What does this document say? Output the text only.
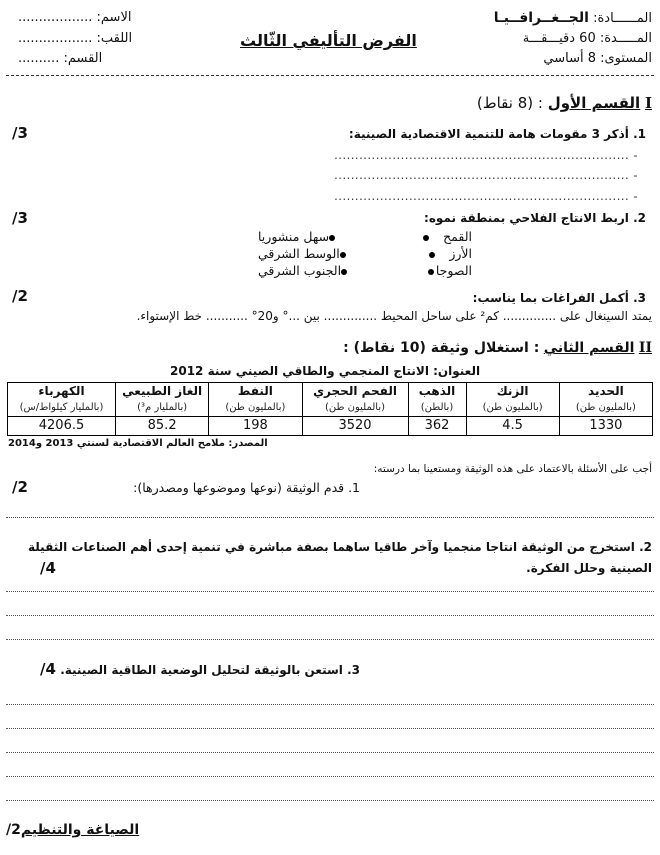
المــــــادة: الجــغــرافــيـا
المـــــدة: 60 دقيـــقـــة
المستوى: 8 أساسي
الفرض التأليفي الثّالث
الاسم: ..................
اللقب: ..................
القسم: ..........
I القسم الأول : (8 نقاط)
1. أذكر 3 مقومات هامة للتنمية الاقتصادية الصينية:
/3
- .......................................................................
- .......................................................................
- .......................................................................
2. اربط الانتاج الفلاحي بمنطقة نموه:
/3
القمح
الأرز
الصوجا
سهل منشوريا
الوسط الشرقي
الجنوب الشرقي
3. أكمل الفراغات بما يناسب:
/2
يمتد السينغال على .............. كم² على ساحل المحيط .............. بين ...° و20° ........... خط الإستواء.
II القسم الثاني : استغلال وثيقة (10 نقاط) :
العنوان: الانتاج المنجمي والطاقي الصيني سنة 2012
الحديد	الزنك	الذهب	الفحم الحجري	النفط	الغاز الطبيعي	الكهرباء
(بالمليون طن)	(بالمليون طن)	(بالطن)	(بالمليون طن)	(بالمليون طن)	(بالمليار م³)	(بالمليار كيلواط/س)
1330	4.5	362	3520	198	85.2	4206.5
المصدر: ملامح العالم الاقتصادية لسنتي 2013 و2014
أجب على الأسئلة بالاعتماد على هذه الوثيقة ومستعينا بما درسته:
1. قدم الوثيقة (نوعها وموضوعها ومصدرها):
/2
2. استخرج من الوثيقة انتاجا منجميا وآخر طاقيا ساهما بصفة مباشرة في تنمية إحدى أهم الصناعات الثقيلة
الصينية وحلل الفكرة.
/4
3. استعن بالوثيقة لتحليل الوضعية الطاقية الصينية.
/4
الصياغة والتنظيم/2
